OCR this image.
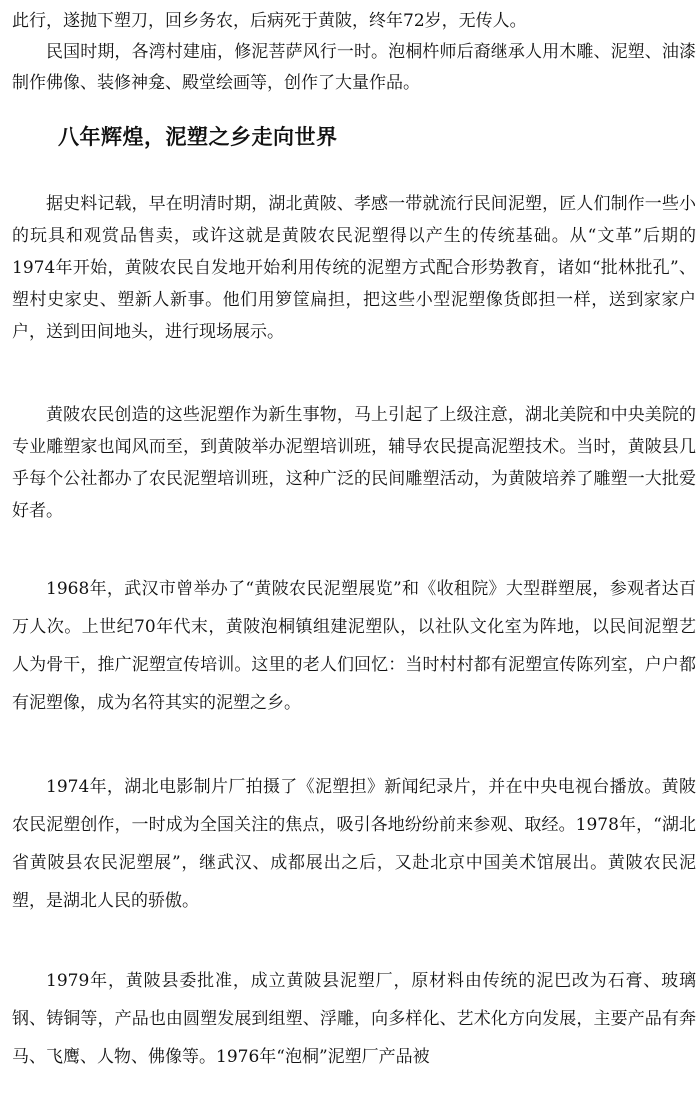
此行，遂抛下塑刀，回乡务农，后病死于黄陂，终年72岁，无传人。

民国时期，各湾村建庙，修泥菩萨风行一时。泡桐杵师后裔继承人用木雕、泥塑、油漆制作佛像、装修神龛、殿堂绘画等，创作了大量作品。

八年辉煌，泥塑之乡走向世界

据史料记载，早在明清时期，湖北黄陂、孝感一带就流行民间泥塑，匠人们制作一些小的玩具和观赏品售卖，或许这就是黄陂农民泥塑得以产生的传统基础。从“文革”后期的1974年开始，黄陂农民自发地开始利用传统的泥塑方式配合形势教育，诸如“批林批孔”、塑村史家史、塑新人新事。他们用箩筐扁担，把这些小型泥塑像货郎担一样，送到家家户户，送到田间地头，进行现场展示。

黄陂农民创造的这些泥塑作为新生事物，马上引起了上级注意，湖北美院和中央美院的专业雕塑家也闻风而至，到黄陂举办泥塑培训班，辅导农民提高泥塑技术。当时，黄陂县几乎每个公社都办了农民泥塑培训班，这种广泛的民间雕塑活动，为黄陂培养了雕塑一大批爱好者。

1968年，武汉市曾举办了“黄陂农民泥塑展览”和《收租院》大型群塑展，参观者达百万人次。上世纪70年代末，黄陂泡桐镇组建泥塑队，以社队文化室为阵地，以民间泥塑艺人为骨干，推广泥塑宣传培训。这里的老人们回忆：当时村村都有泥塑宣传陈列室，户户都有泥塑像，成为名符其实的泥塑之乡。

1974年，湖北电影制片厂拍摄了《泥塑担》新闻纪录片，并在中央电视台播放。黄陂农民泥塑创作，一时成为全国关注的焦点，吸引各地纷纷前来参观、取经。1978年，“湖北省黄陂县农民泥塑展”，继武汉、成都展出之后，又赴北京中国美术馆展出。黄陂农民泥塑，是湖北人民的骄傲。

1979年，黄陂县委批准，成立黄陂县泥塑厂，原材料由传统的泥巴改为石膏、玻璃钢、铸铜等，产品也由圆塑发展到组塑、浮雕，向多样化、艺术化方向发展，主要产品有奔马、飞鹰、人物、佛像等。1976年“泡桐”泥塑厂产品被
